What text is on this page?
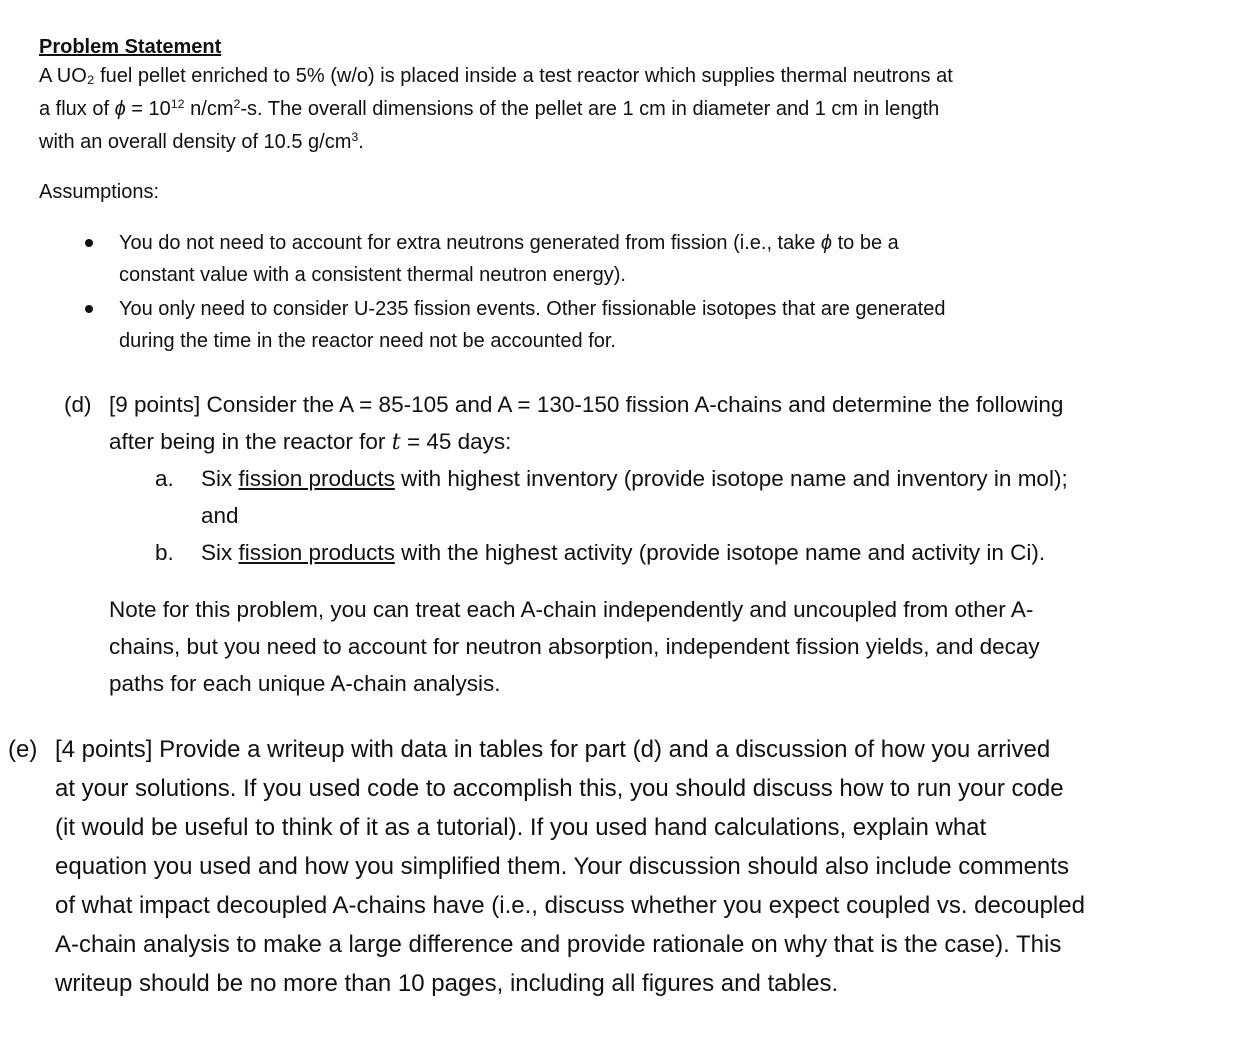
Problem Statement
A UO₂ fuel pellet enriched to 5% (w/o) is placed inside a test reactor which supplies thermal neutrons at
a flux of $\phi = 10^{12}$ $n/cm^2-s$. The overall dimensions of the pellet are 1 cm in diameter and 1 cm in length
with an overall density of 10.5 $g/cm^3$.
Assumptions:
You do not need to account for extra neutrons generated from fission (i.e., take ϕ to be a
constant value with a consistent thermal neutron energy).
You only need to consider U-235 fission events. Other fissionable isotopes that are generated
during the time in the reactor need not be accounted for.
(d) [9 points] Consider the A = 85-105 and A = 130-150 fission A-chains and determine the following
after being in the reactor for t = 45 days:
a. Six fission products with highest inventory (provide isotope name and inventory in mol);
and
b. Six fission products with the highest activity (provide isotope name and activity in Ci).
Note for this problem, you can treat each A-chain independently and uncoupled from other A-
chains, but you need to account for neutron absorption, independent fission yields, and decay
paths for each unique A-chain analysis.
(e) [4 points] Provide a writeup with data in tables for part (d) and a discussion of how you arrived
at your solutions. If you used code to accomplish this, you should discuss how to run your code
(it would be useful to think of it as a tutorial). If you used hand calculations, explain what
equation you used and how you simplified them. Your discussion should also include comments
of what impact decoupled A-chains have (i.e., discuss whether you expect coupled vs. decoupled
A-chain analysis to make a large difference and provide rationale on why that is the case). This
writeup should be no more than 10 pages, including all figures and tables.
